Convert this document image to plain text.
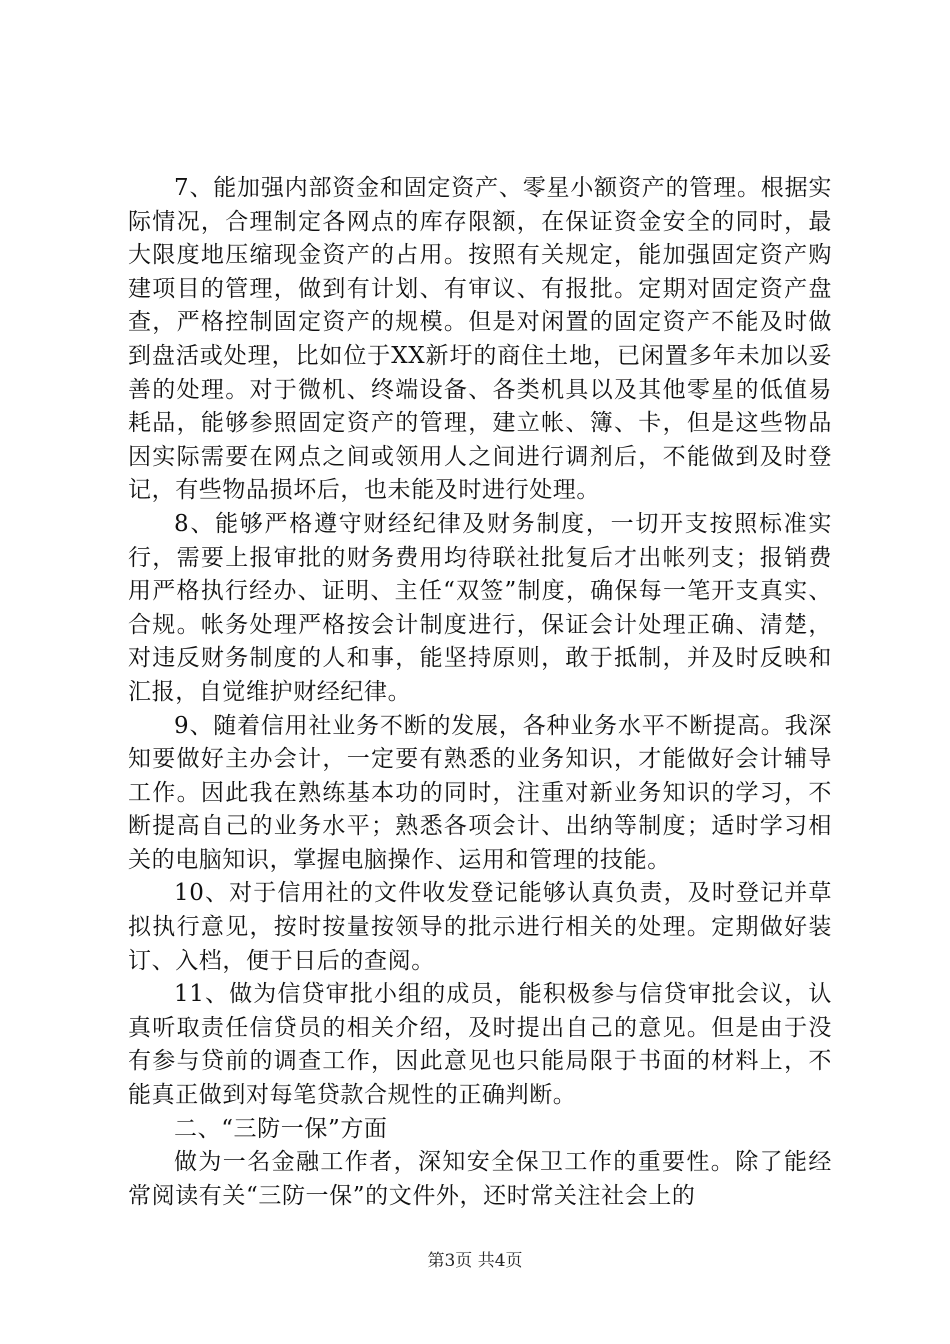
7、能加强内部资金和固定资产、零星小额资产的管理。根据实际情况，合理制定各网点的库存限额，在保证资金安全的同时，最大限度地压缩现金资产的占用。按照有关规定，能加强固定资产购建项目的管理，做到有计划、有审议、有报批。定期对固定资产盘查，严格控制固定资产的规模。但是对闲置的固定资产不能及时做到盘活或处理，比如位于XX新圩的商住土地，已闲置多年未加以妥善的处理。对于微机、终端设备、各类机具以及其他零星的低值易耗品，能够参照固定资产的管理，建立帐、簿、卡，但是这些物品因实际需要在网点之间或领用人之间进行调剂后，不能做到及时登记，有些物品损坏后，也未能及时进行处理。

8、能够严格遵守财经纪律及财务制度，一切开支按照标准实行，需要上报审批的财务费用均待联社批复后才出帐列支；报销费用严格执行经办、证明、主任“双签”制度，确保每一笔开支真实、合规。帐务处理严格按会计制度进行，保证会计处理正确、清楚，对违反财务制度的人和事，能坚持原则，敢于抵制，并及时反映和汇报，自觉维护财经纪律。

9、随着信用社业务不断的发展，各种业务水平不断提高。我深知要做好主办会计，一定要有熟悉的业务知识，才能做好会计辅导工作。因此我在熟练基本功的同时，注重对新业务知识的学习，不断提高自己的业务水平；熟悉各项会计、出纳等制度；适时学习相关的电脑知识，掌握电脑操作、运用和管理的技能。

10、对于信用社的文件收发登记能够认真负责，及时登记并草拟执行意见，按时按量按领导的批示进行相关的处理。定期做好装订、入档，便于日后的查阅。

11、做为信贷审批小组的成员，能积极参与信贷审批会议，认真听取责任信贷员的相关介绍，及时提出自己的意见。但是由于没有参与贷前的调查工作，因此意见也只能局限于书面的材料上，不能真正做到对每笔贷款合规性的正确判断。

二、“三防一保”方面

做为一名金融工作者，深知安全保卫工作的重要性。除了能经常阅读有关“三防一保”的文件外，还时常关注社会上的

第3页 共4页
